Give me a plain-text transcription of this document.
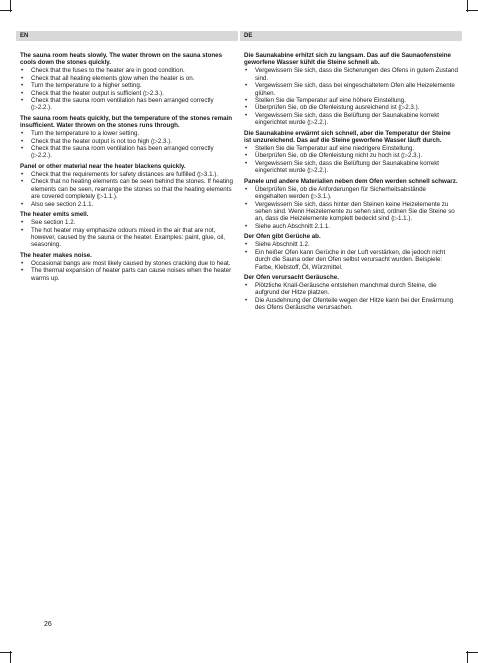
EN	DE
The sauna room heats slowly. The water thrown on the sauna stones cools down the stones quickly.
• Check that the fuses to the heater are in good condition.
• Check that all heating elements glow when the heater is on.
• Turn the temperature to a higher setting.
• Check that the heater output is sufficient (▷2.3.).
• Check that the sauna room ventilation has been arranged correctly (▷2.2.).
The sauna room heats quickly, but the temperature of the stones remain insufficient. Water thrown on the stones runs through.
• Turn the temperature to a lower setting.
• Check that the heater output is not too high (▷2.3.).
• Check that the sauna room ventilation has been arranged correctly (▷2.2.).
Panel or other material near the heater blackens quickly.
• Check that the requirements for safety distances are fulfilled (▷3.1.).
• Check that no heating elements can be seen behind the stones. If heating elements can be seen, rearrange the stones so that the heating elements are covered completely (▷1.1.).
• Also see section 2.1.1.
The heater emits smell.
• See section 1.2.
• The hot heater may emphasize odours mixed in the air that are not, however, caused by the sauna or the heater. Examples: paint, glue, oil, seasoning.
The heater makes noise.
• Occasional bangs are most likely caused by stones cracking due to heat.
• The thermal expansion of heater parts can cause noises when the heater warms up.
Die Saunakabine erhitzt sich zu langsam. Das auf die Saunaofensteine geworfene Wasser kühlt die Steine schnell ab.
• Vergewissern Sie sich, dass die Sicherungen des Ofens in gutem Zustand sind.
• Vergewissern Sie sich, dass bei eingeschaltetem Ofen alle Heizelemente glühen.
• Stellen Sie die Temperatur auf eine höhere Einstellung.
• Überprüfen Sie, ob die Ofenleistung ausreichend ist (▷2.3.).
• Vergewissern Sie sich, dass die Belüftung der Saunakabine korrekt eingerichtet wurde (▷2.2.).
Die Saunakabine erwärmt sich schnell, aber die Temperatur der Steine ist unzureichend. Das auf die Steine geworfene Wasser läuft durch.
• Stellen Sie die Temperatur auf eine niedrigere Einstellung.
• Überprüfen Sie, ob die Ofenleistung nicht zu hoch ist (▷2.3.).
• Vergewissern Sie sich, dass die Belüftung der Saunakabine korrekt eingerichtet wurde (▷2.2.).
Panele und andere Materialien neben dem Ofen werden schnell schwarz.
• Überprüfen Sie, ob die Anforderungen für Sicherheitsabstände eingehalten werden (▷3.1.).
• Vergewissern Sie sich, dass hinter den Steinen keine Heizelemente zu sehen sind. Wenn Heizelemente zu sehen sind, ordnen Sie die Steine so an, dass die Heizelemente komplett bedeckt sind (▷1.1.).
• Siehe auch Abschnitt 2.1.1.
Der Ofen gibt Gerüche ab.
• Siehe Abschnitt 1.2.
• Ein heißer Ofen kann Gerüche in der Luft verstärken, die jedoch nicht durch die Sauna oder den Ofen selbst verursacht wurden. Beispiele: Farbe, Klebstoff, Öl, Würzmittel.
Der Ofen verursacht Geräusche.
• Plötzliche Knall-Geräusche entstehen manchmal durch Steine, die aufgrund der Hitze platzen.
• Die Ausdehnung der Ofenteile wegen der Hitze kann bei der Erwärmung des Ofens Geräusche verursachen.
26
